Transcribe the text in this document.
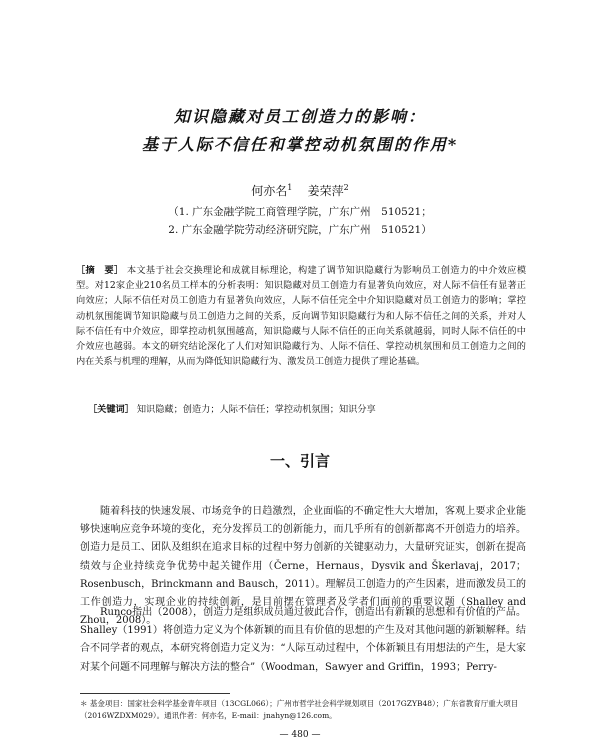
知识隐藏对员工创造力的影响：
基于人际不信任和掌控动机氛围的作用*
何亦名$^1$ 姜荣萍$^2$
（1. 广东金融学院工商管理学院，广东广州　510521；
2. 广东金融学院劳动经济研究院，广东广州　510521）
［摘　要］ 本文基于社会交换理论和成就目标理论，构建了调节知识隐藏行为影响员工创造力的中介效应模型。对12家企业210名员工样本的分析表明：知识隐藏对员工创造力有显著负向效应，对人际不信任有显著正向效应；人际不信任对员工创造力有显著负向效应，人际不信任完全中介知识隐藏对员工创造力的影响；掌控动机氛围能调节知识隐藏与员工创造力之间的关系，反向调节知识隐藏行为和人际不信任之间的关系，并对人际不信任有中介效应，即掌控动机氛围越高，知识隐藏与人际不信任的正向关系就越弱，同时人际不信任的中介效应也越弱。本文的研究结论深化了人们对知识隐藏行为、人际不信任、掌控动机氛围和员工创造力之间的内在关系与机理的理解，从而为降低知识隐藏行为、激发员工创造力提供了理论基础。
［关键词］ 知识隐藏；创造力；人际不信任；掌控动机氛围；知识分享
一、引言
随着科技的快速发展、市场竞争的日趋激烈，企业面临的不确定性大大增加，客观上要求企业能够快速响应竞争环境的变化，充分发挥员工的创新能力，而几乎所有的创新都离不开创造力的培养。创造力是员工、团队及组织在追求目标的过程中努力创新的关键驱动力，大量研究证实，创新在提高绩效与企业持续竞争优势中起关键作用（Černe，Hernaus，Dysvik and Škerlavaj，2017；Rosenbusch，Brinckmann and Bausch，2011）。理解员工创造力的产生因素，进而激发员工的工作创造力，实现企业的持续创新，是目前摆在管理者及学者们面前的重要议题（Shalley and Zhou，2008）。
Runco指出（2008），创造力是组织成员通过彼此合作，创造出有新颖的思想和有价值的产品。Shalley（1991）将创造力定义为个体新颖的而且有价值的思想的产生及对其他问题的新颖解释。结合不同学者的观点，本研究将创造力定义为：“人际互动过程中，个体新颖且有用想法的产生，是大家对某个问题不同理解与解决方法的整合”（Woodman，Sawyer and Griffin，1993；Perry-
＊ 基金项目：国家社会科学基金青年项目（13CGL066）；广州市哲学社会科学规划项目（2017GZYB48）；广东省教育厅重大项目（2016WZDXM029）。通讯作者：何亦名，E-mail：jnahyn@126.com。
— 480 —
